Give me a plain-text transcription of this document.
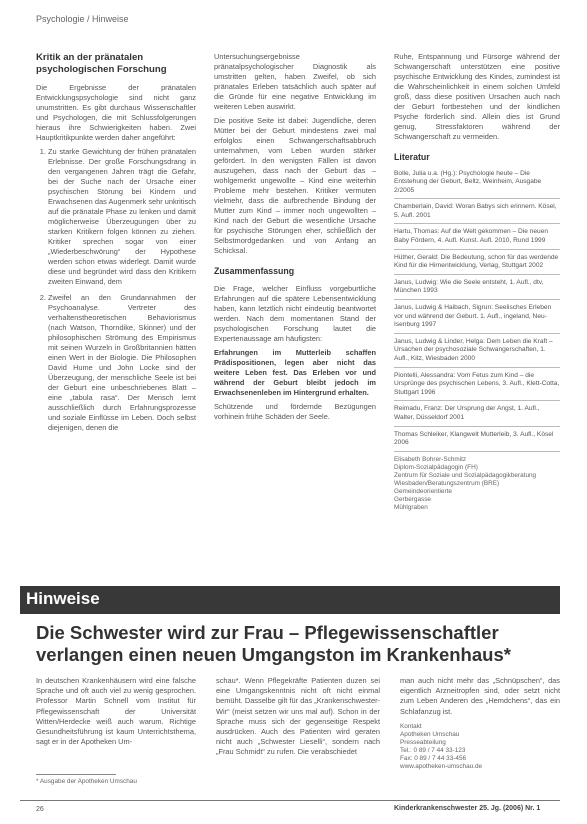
Psychologie / Hinweise
Kritik an der pränatalen psychologischen Forschung

Die Ergebnisse der pränatalen Entwicklungspsychologie sind nicht ganz unumstritten. Es gibt durchaus Wissenschaftler und Psychologen, die mit Schlussfolgerungen hieraus ihre Schwierigkeiten haben. Zwei Hauptkritikpunkte werden daher angeführt:

1. Zu starke Gewichtung der frühen pränatalen Erlebnisse. Der große Forschungsdrang in den vergangenen Jahren trägt die Gefahr, bei der Suche nach der Ursache einer psychischen Störung bei Kindern und Erwachsenen das Augenmerk sehr unkritisch auf die pränatale Phase zu lenken und damit möglicherweise Überzeugungen über zu starken Kritikern folgen können zu ziehen. Kritiker sprechen sogar von einer „Wiederbeschwörung“ der Hypothese werden schon etwas widerlegt. Damit wurde diese und begründet wird dass den Kritikern zweiten Einwand, dem
2. Zweifel an den Grundannahmen der Psychoanalyse. Vertreter des verhaltenstheoretischen Behaviorismus (nach Watson, Thorndike, Skinner) und der philosophischen Strömung des Empirismus mit seinen Wurzeln in Großbritannien hätten einen Wert in der Biologie. Die Philosophen David Hume und John Locke sind der Überzeugung, der menschliche Seele ist bei der Geburt eine unbeschriebenes Blatt – eine „tabula rasa“. Der Mensch lernt ausschließlich durch Erfahrungsprozesse und soziale Einflüsse im Leben. Doch selbst diejenigen, denen die

Untersuchungsergebnisse pränatalpsychologischer Diagnostik als umstritten gelten, haben Zweifel, ob sich pränatales Erleben tatsächlich auch später auf die Gründe für eine negative Entwicklung im weiteren Leben auswirkt.

Die positive Seite ist dabei: Jugendliche, deren Mütter bei der Geburt mindestens zwei mal erfolglos einen Schwangerschaftsabbruch unternahmen, vom Leben wurden stärker gefördert. In den wenigsten Fällen ist davon auszugehen, dass nach der Geburt das – wohlgemerkt ungewollte – Kind eine weiterhin Probleme mehr bestehen. Kritiker vermuten vielmehr, dass die aufbrechende Bindung der Mutter zum Kind – immer noch ungewollten – Kind nach der Geburt die wesentliche Ursache für psychische Störungen eher, schließlich der Selbstmordgedanken und von Anfang an Schicksal.

Zusammenfassung

Die Frage, welcher Einfluss vorgeburtliche Erfahrungen auf die spätere Lebensentwicklung haben, kann letztlich nicht eindeutig beantwortet werden. Nach dem momentanen Stand der psychologischen Forschung lautet die Expertenaussage am häufigsten:

Erfahrungen im Mutterleib schaffen Prädispositionen, legen aber nicht das weitere Leben fest. Das Erleben vor und während der Geburt bleibt jedoch im Erwachsenenleben im Hintergrund erhalten.

Schützende und fördernde Bezügungen vorhinein frühe Schäden der Seele.

Ruhe, Entspannung und Fürsorge während der Schwangerschaft unterstützen eine positive psychische Entwicklung des Kindes, zumindest ist die Wahrscheinlichkeit in einem solchen Umfeld groß, dass diese positiven Ursachen auch nach der Geburt fortbestehen und der kindlichen Psyche förderlich sind. Allein dies ist Grund genug, Stressfaktoren während der Schwangerschaft zu vermeiden.

Literatur
Bolle, Julia u.a. (Hg.): Psychologie heute – Die Entstehung der Geburt, Beltz, Weinheim, Ausgabe 2/2005
Chamberlain, David: Woran Babys sich erinnern. Kösel, 5. Aufl. 2001
Hartu, Thomas: Auf die Welt gekommen – Die neuen Baby Fördern, 4. Aufl. Kunst. Aufl. 2010, Rund 1999
Hüther, Gerald: Die Bedeutung, schon für das werdende Kind für die Hirnentwicklung, Verlag, Stuttgart 2002
Janus, Ludwig: Wie die Seele entsteht, 1. Aufl., dtv, München 1993
Janus, Ludwig & Haibach, Sigrun: Seelisches Erleben vor und während der Geburt. 1. Aufl., ingeland, Neu-Isenburg 1997
Janus, Ludwig & Linder, Helga: Dem Leben die Kraft – Ursachen der psychosoziale Schwangerschaften, 1. Aufl., Kitz, Wiesbaden 2000
Piontelli, Alessandra: Vom Fetus zum Kind – die Ursprünge des psychischen Lebens, 3. Aufl., Klett-Cotta, Stuttgart 1996
Reimadu, Franz: Der Ursprung der Angst, 1. Aufl., Walter, Düsseldorf 2001
Thomas Schleiker, Klangwelt Mutterleib, 3. Aufl., Kösel 2006
Elisabeth Bohrer-Schmitz
Diplom-Sozialpädagogin (FH)
Zentrum für Soziale und Sozialpädagogikberatung
Wiesbaden/Beratungszentrum (BRE)
Gemeindeorientierte
Gerbergasse
Mühlgraben
Hinweise
Die Schwester wird zur Frau – Pflegewissenschaftler verlangen einen neuen Umgangston im Krankenhaus*
In deutschen Krankenhäusern wird eine falsche Sprache und oft auch viel zu wenig gesprochen. Professor Martin Schnell vom Institut für Pflegewissenschaft der Universität Witten/Herdecke weiß auch warum. Richtige Gesundheitsführung ist kaum Unterrichtsthema, sagt er in der Apotheken Um-
schau*. Wenn Pflegekräfte Patienten duzen sei eine Umgangskenntnis nicht oft nicht einmal bemüht. Dasselbe gilt für das „Krankenschwester-Wir“ (meist setzen wir uns mal auf). Schon in der Sprache muss sich der gegenseitige Respekt ausdrücken. Auch des Patienten wird geraten nicht auch „Schwester Lieselli“, sondern nach „Frau Schmidt“ zu rufen. Die verabschiedet
man auch nicht mehr das „Schnüpschen“, das eigentlich Arzneitropfen sind, oder setzt nicht zum Leben Anderen des „Hemdchens“, das ein Schlafanzug ist.
Kontakt
Apotheken Umschau
Presseabteilung
Tel.: 0 89 / 7 44 33-123
Fax: 0 89 / 7 44 33-456
www.apotheken-umschau.de
* Ausgabe der Apotheken Umschau
26	Kinderkrankenschwester 25. Jg. (2006) Nr. 1
